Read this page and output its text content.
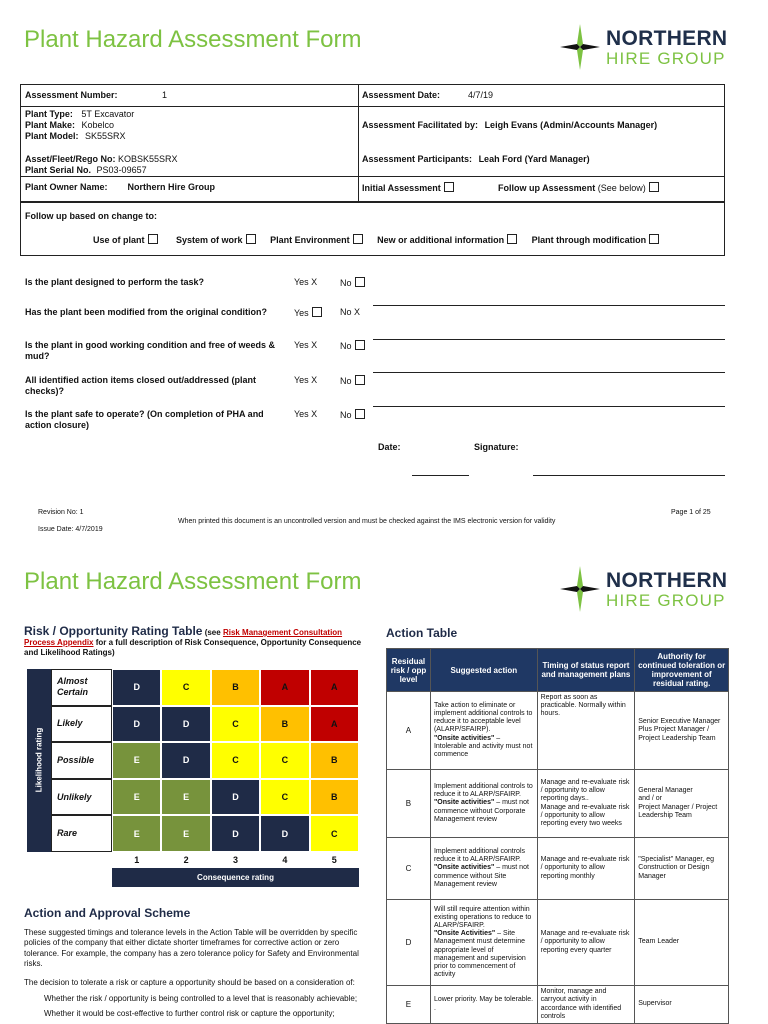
Plant Hazard Assessment Form	NORTHERN
HIRE GROUP
Assessment Number:	1	Assessment Date:	4/7/19
Plant Type: 5T Excavator
Plant Make: Kobelco
Plant Model: SK55SRX
Assessment Facilitated by: Leigh Evans (Admin/Accounts Manager)
Asset/Fleet/Rego No: KOBSK55SRX
Plant Serial No. PS03-09657
Assessment Participants: Leah Ford (Yard Manager)
Plant Owner Name: Northern Hire Group	Initial Assessment	Follow up Assessment (See below)
Follow up based on change to:
Use of plant	System of work	Plant Environment	New or additional information	Plant through modification
Is the plant designed to perform the task?	Yes X	No
Has the plant been modified from the original condition?	Yes	No X
Is the plant in good working condition and free of weeds & mud?
Yes X	No
All identified action items closed out/addressed (plant checks)?
Yes X	No
Is the plant safe to operate? (On completion of PHA and action closure)
Yes X	No
Date:	Signature:
Revision No: 1
Issue Date: 4/7/2019
When printed this document is an uncontrolled version and must be checked against the IMS electronic version for validity
Page 1 of 25
Plant Hazard Assessment Form	NORTHERN
HIRE GROUP
Risk / Opportunity Rating Table (see Risk Management Consultation Process Appendix for a full description of Risk Consequence, Opportunity Consequence and Likelihood Ratings)
Likelihood rating
Almost Certain	D	C	B	A	A
Likely	D	D	C	B	A
Possible	E	D	C	C	B
Unlikely	E	E	D	C	B
Rare	E	E	D	D	C
1	2	3	4	5
Consequence rating
Action and Approval Scheme
These suggested timings and tolerance levels in the Action Table will be overridden by specific policies of the company that either dictate shorter timeframes for corrective action or zero tolerance. For example, the company has a zero tolerance policy for Safety and Environmental risks.
The decision to tolerate a risk or capture a opportunity should be based on a consideration of:
Whether the risk / opportunity is being controlled to a level that is reasonably achievable;
Whether it would be cost-effective to further control risk or capture the opportunity;
Action Table
Residual risk / opp level	Suggested action	Timing of status report and management plans	Authority for continued toleration or improvement of residual rating.
A	Take action to eliminate or implement additional controls to reduce it to acceptable level (ALARP/SFAIRP).
"Onsite activities" – Intolerable and activity must not commence	Report as soon as practicable. Normally within hours.	Senior Executive Manager
Plus Project Manager / Project Leadership Team
B	Implement additional controls to reduce it to ALARP/SFAIRP.
"Onsite activities" – must not commence without Corporate Management review	Manage and re-evaluate risk / opportunity to allow reporting days..
Manage and re-evaluate risk / opportunity to allow reporting every two weeks	General Manager
and / or
Project Manager / Project Leadership Team
C	Implement additional controls reduce it to ALARP/SFAIRP.
"Onsite activities" – must not commence without Site Management review	Manage and re-evaluate risk / opportunity to allow reporting monthly	"Specialist" Manager, eg Construction or Design Manager
D	Will still require attention within existing operations to reduce to ALARP/SFAIRP.
"Onsite Activities" – Site Management must determine appropriate level of management and supervision prior to commencement of activity	Manage and re-evaluate risk / opportunity to allow reporting every quarter	Team Leader
E	Lower priority. May be tolerable. .	Monitor, manage and carryout activity in accordance with identified controls	Supervisor
